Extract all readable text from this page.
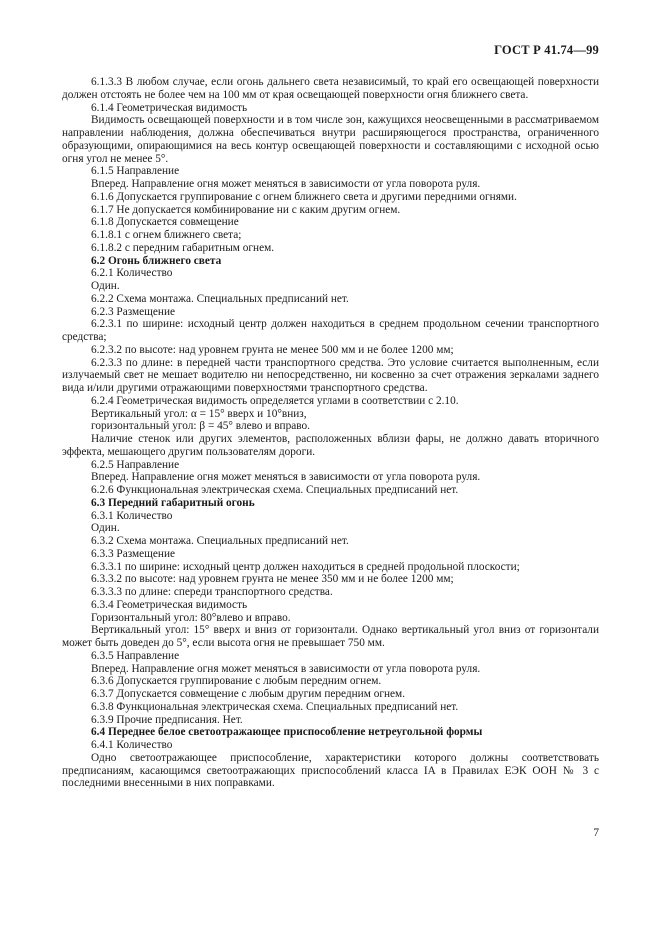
ГОСТ Р 41.74—99

6.1.3.3 В любом случае, если огонь дальнего света независимый, то край его освещающей поверхности должен отстоять не более чем на 100 мм от края освещающей поверхности огня ближнего света.

6.1.4 Геометрическая видимость

Видимость освещающей поверхности и в том числе зон, кажущихся неосвещенными в рассматриваемом направлении наблюдения, должна обеспечиваться внутри расширяющегося пространства, ограниченного образующими, опирающимися на весь контур освещающей поверхности и составляющими с исходной осью огня угол не менее 5°.

6.1.5 Направление

Вперед. Направление огня может меняться в зависимости от угла поворота руля.

6.1.6 Допускается группирование с огнем ближнего света и другими передними огнями.

6.1.7 Не допускается комбинирование ни с каким другим огнем.

6.1.8 Допускается совмещение

6.1.8.1 с огнем ближнего света;

6.1.8.2 с передним габаритным огнем.

6.2 Огонь ближнего света

6.2.1 Количество

Один.

6.2.2 Схема монтажа. Специальных предписаний нет.

6.2.3 Размещение

6.2.3.1 по ширине: исходный центр должен находиться в среднем продольном сечении транспортного средства;

6.2.3.2 по высоте: над уровнем грунта не менее 500 мм и не более 1200 мм;

6.2.3.3 по длине: в передней части транспортного средства. Это условие считается выполненным, если излучаемый свет не мешает водителю ни непосредственно, ни косвенно за счет отражения зеркалами заднего вида и/или другими отражающими поверхностями транспортного средства.

6.2.4 Геометрическая видимость определяется углами в соответствии с 2.10.

Вертикальный угол: α = 15° вверх и 10°вниз,

горизонтальный угол: β = 45° влево и вправо.

Наличие стенок или других элементов, расположенных вблизи фары, не должно давать вторичного эффекта, мешающего другим пользователям дороги.

6.2.5 Направление

Вперед. Направление огня может меняться в зависимости от угла поворота руля.

6.2.6 Функциональная электрическая схема. Специальных предписаний нет.

6.3 Передний габаритный огонь

6.3.1 Количество

Один.

6.3.2 Схема монтажа. Специальных предписаний нет.

6.3.3 Размещение

6.3.3.1 по ширине: исходный центр должен находиться в средней продольной плоскости;

6.3.3.2 по высоте: над уровнем грунта не менее 350 мм и не более 1200 мм;

6.3.3.3 по длине: спереди транспортного средства.

6.3.4 Геометрическая видимость

Горизонтальный угол: 80°влево и вправо.

Вертикальный угол: 15° вверх и вниз от горизонтали. Однако вертикальный угол вниз от горизонтали может быть доведен до 5°, если высота огня не превышает 750 мм.

6.3.5 Направление

Вперед. Направление огня может меняться в зависимости от угла поворота руля.

6.3.6 Допускается группирование с любым передним огнем.

6.3.7 Допускается совмещение с любым другим передним огнем.

6.3.8 Функциональная электрическая схема. Специальных предписаний нет.

6.3.9 Прочие предписания. Нет.

6.4 Переднее белое светоотражающее приспособление нетреугольной формы

6.4.1 Количество

Одно светоотражающее приспособление, характеристики которого должны соответствовать предписаниям, касающимся светоотражающих приспособлений класса IA в Правилах ЕЭК ООН № 3 с последними внесенными в них поправками.

7
